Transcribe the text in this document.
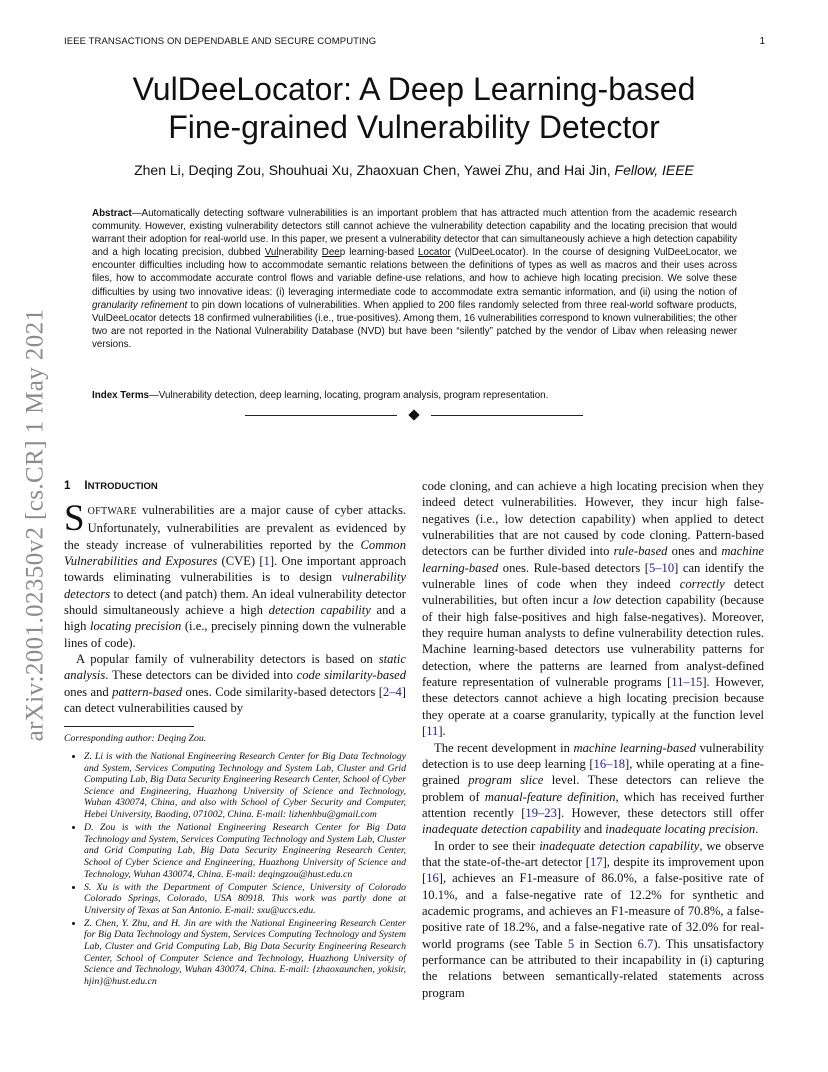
IEEE TRANSACTIONS ON DEPENDABLE AND SECURE COMPUTING	1
arXiv:2001.02350v2 [cs.CR] 1 May 2021
VulDeeLocator: A Deep Learning-based
Fine-grained Vulnerability Detector
Zhen Li, Deqing Zou, Shouhuai Xu, Zhaoxuan Chen, Yawei Zhu, and Hai Jin, Fellow, IEEE

Abstract—Automatically detecting software vulnerabilities is an important problem that has attracted much attention from the academic research community. However, existing vulnerability detectors still cannot achieve the vulnerability detection capability and the locating precision that would warrant their adoption for real-world use. In this paper, we present a vulnerability detector that can simultaneously achieve a high detection capability and a high locating precision, dubbed Vulnerability Deep learning-based Locator (VulDeeLocator). In the course of designing VulDeeLocator, we encounter difficulties including how to accommodate semantic relations between the definitions of types as well as macros and their uses across files, how to accommodate accurate control flows and variable define-use relations, and how to achieve high locating precision. We solve these difficulties by using two innovative ideas: (i) leveraging intermediate code to accommodate extra semantic information, and (ii) using the notion of granularity refinement to pin down locations of vulnerabilities. When applied to 200 files randomly selected from three real-world software products, VulDeeLocator detects 18 confirmed vulnerabilities (i.e., true-positives). Among them, 16 vulnerabilities correspond to known vulnerabilities; the other two are not reported in the National Vulnerability Database (NVD) but have been “silently” patched by the vendor of Libav when releasing newer versions.

Index Terms—Vulnerability detection, deep learning, locating, program analysis, program representation.

1 INTRODUCTION

SOFTWARE vulnerabilities are a major cause of cyber attacks. Unfortunately, vulnerabilities are prevalent as evidenced by the steady increase of vulnerabilities reported by the Common Vulnerabilities and Exposures (CVE) [1]. One important approach towards eliminating vulnerabilities is to design vulnerability detectors to detect (and patch) them. An ideal vulnerability detector should simultaneously achieve a high detection capability and a high locating precision (i.e., precisely pinning down the vulnerable lines of code).

A popular family of vulnerability detectors is based on static analysis. These detectors can be divided into code similarity-based ones and pattern-based ones. Code similarity-based detectors [2–4] can detect vulnerabilities caused by

Corresponding author: Deqing Zou.

• Z. Li is with the National Engineering Research Center for Big Data Technology and System, Services Computing Technology and System Lab, Cluster and Grid Computing Lab, Big Data Security Engineering Research Center, School of Cyber Science and Engineering, Huazhong University of Science and Technology, Wuhan 430074, China, and also with School of Cyber Security and Computer, Hebei University, Baoding, 071002, China. E-mail: lizhenhbu@gmail.com
• D. Zou is with the National Engineering Research Center for Big Data Technology and System, Services Computing Technology and System Lab, Cluster and Grid Computing Lab, Big Data Security Engineering Research Center, School of Cyber Science and Engineering, Huazhong University of Science and Technology, Wuhan 430074, China. E-mail: deqingzou@hust.edu.cn
• S. Xu is with the Department of Computer Science, University of Colorado Colorado Springs, Colorado, USA 80918. This work was partly done at University of Texas at San Antonio. E-mail: sxu@uccs.edu.
• Z. Chen, Y. Zhu, and H. Jin are with the National Engineering Research Center for Big Data Technology and System, Services Computing Technology and System Lab, Cluster and Grid Computing Lab, Big Data Security Engineering Research Center, School of Computer Science and Technology, Huazhong University of Science and Technology, Wuhan 430074, China. E-mail: {zhaoxaunchen, yokisir, hjin}@hust.edu.cn

code cloning, and can achieve a high locating precision when they indeed detect vulnerabilities. However, they incur high false-negatives (i.e., low detection capability) when applied to detect vulnerabilities that are not caused by code cloning. Pattern-based detectors can be further divided into rule-based ones and machine learning-based ones. Rule-based detectors [5–10] can identify the vulnerable lines of code when they indeed correctly detect vulnerabilities, but often incur a low detection capability (because of their high false-positives and high false-negatives). Moreover, they require human analysts to define vulnerability detection rules. Machine learning-based detectors use vulnerability patterns for detection, where the patterns are learned from analyst-defined feature representation of vulnerable programs [11–15]. However, these detectors cannot achieve a high locating precision because they operate at a coarse granularity, typically at the function level [11].

The recent development in machine learning-based vulnerability detection is to use deep learning [16–18], while operating at a fine-grained program slice level. These detectors can relieve the problem of manual-feature definition, which has received further attention recently [19–23]. However, these detectors still offer inadequate detection capability and inadequate locating precision.

In order to see their inadequate detection capability, we observe that the state-of-the-art detector [17], despite its improvement upon [16], achieves an F1-measure of 86.0%, a false-positive rate of 10.1%, and a false-negative rate of 12.2% for synthetic and academic programs, and achieves an F1-measure of 70.8%, a false-positive rate of 18.2%, and a false-negative rate of 32.0% for real-world programs (see Table 5 in Section 6.7). This unsatisfactory performance can be attributed to their incapability in (i) capturing the relations between semantically-related statements across program
